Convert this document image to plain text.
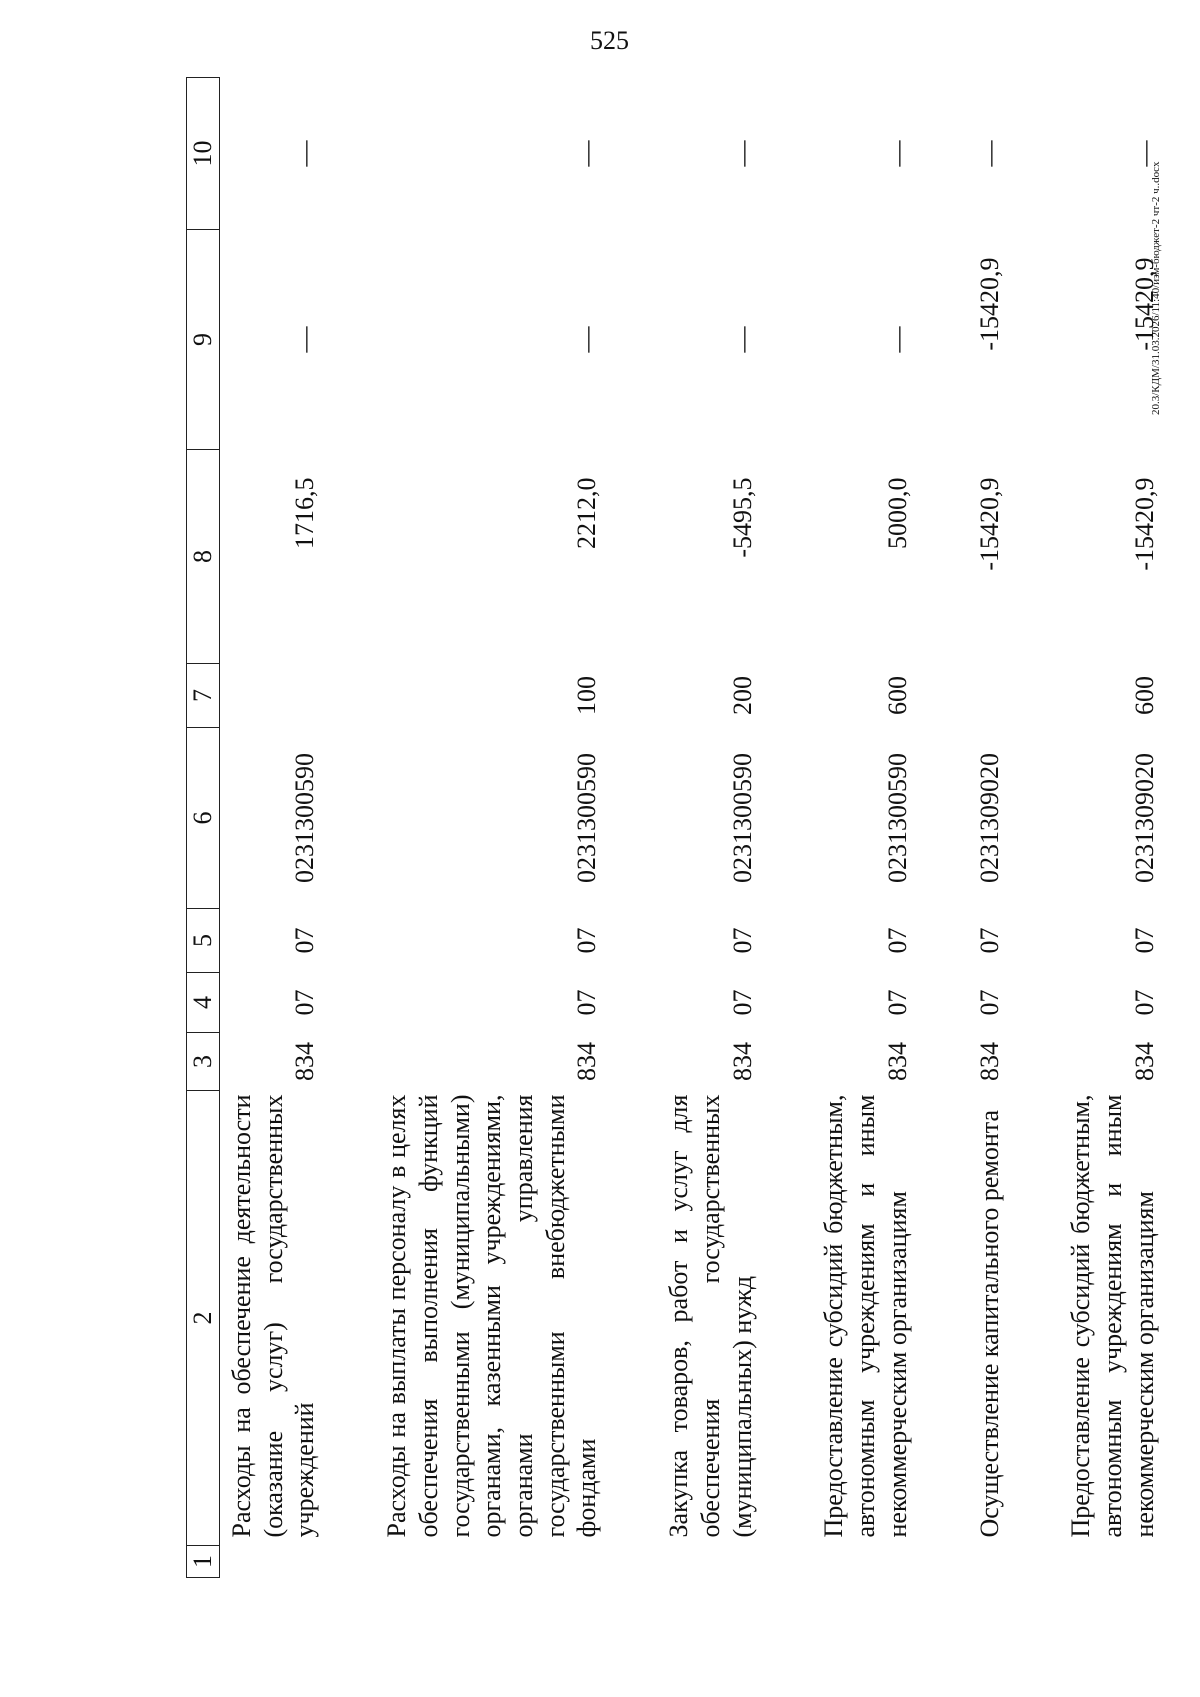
525
20.3/КДМ/31.03.2026/11:40/изм-бюджет-2 чт-2 ч..docx
1	2	3	4	5	6	7	8	9	10
	Расходы на обеспечение деятельности (оказание услуг) государственных учреждений	834	07	07	0231300590		1716,5	—	—

	Расходы на выплаты персоналу в целях обеспечения выполнения функций государственными (муниципальными) органами, казенными учреждениями, органами управления государственными внебюджетными фондами	834	07	07	0231300590	100	2212,0	—	—

	Закупка товаров, работ и услуг для обеспечения государственных (муниципальных) нужд	834	07	07	0231300590	200	-5495,5	—	—

	Предоставление субсидий бюджетным, автономным учреждениям и иным некоммерческим организациям	834	07	07	0231300590	600	5000,0	—	—

	Осуществление капитального ремонта	834	07	07	0231309020		-15420,9	-15420,9	—

	Предоставление субсидий бюджетным, автономным учреждениям и иным некоммерческим организациям	834	07	07	0231309020	600	-15420,9	-15420,9	—
